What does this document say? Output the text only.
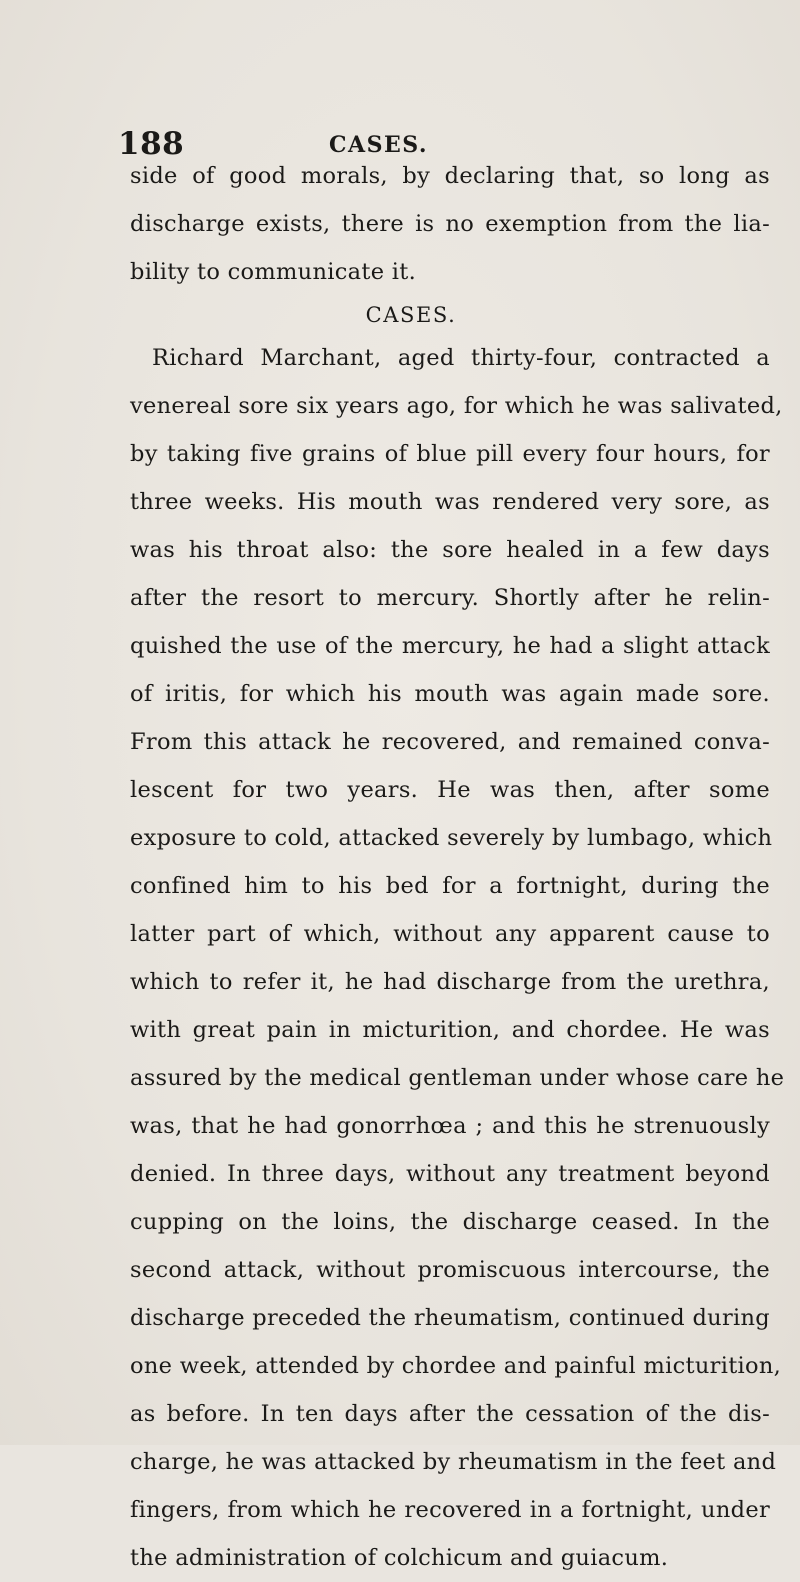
188	CASES.
side of good morals, by declaring that, so long as
discharge exists, there is no exemption from the lia-
bility to communicate it.
CASES.
Richard Marchant, aged thirty-four, contracted a
venereal sore six years ago, for which he was salivated,
by taking five grains of blue pill every four hours, for
three weeks. His mouth was rendered very sore, as
was his throat also: the sore healed in a few days
after the resort to mercury. Shortly after he relin-
quished the use of the mercury, he had a slight attack
of iritis, for which his mouth was again made sore.
From this attack he recovered, and remained conva-
lescent for two years. He was then, after some
exposure to cold, attacked severely by lumbago, which
confined him to his bed for a fortnight, during the
latter part of which, without any apparent cause to
which to refer it, he had discharge from the urethra,
with great pain in micturition, and chordee. He was
assured by the medical gentleman under whose care he
was, that he had gonorrhœa ; and this he strenuously
denied. In three days, without any treatment beyond
cupping on the loins, the discharge ceased. In the
second attack, without promiscuous intercourse, the
discharge preceded the rheumatism, continued during
one week, attended by chordee and painful micturition,
as before. In ten days after the cessation of the dis-
charge, he was attacked by rheumatism in the feet and
fingers, from which he recovered in a fortnight, under
the administration of colchicum and guiacum.
